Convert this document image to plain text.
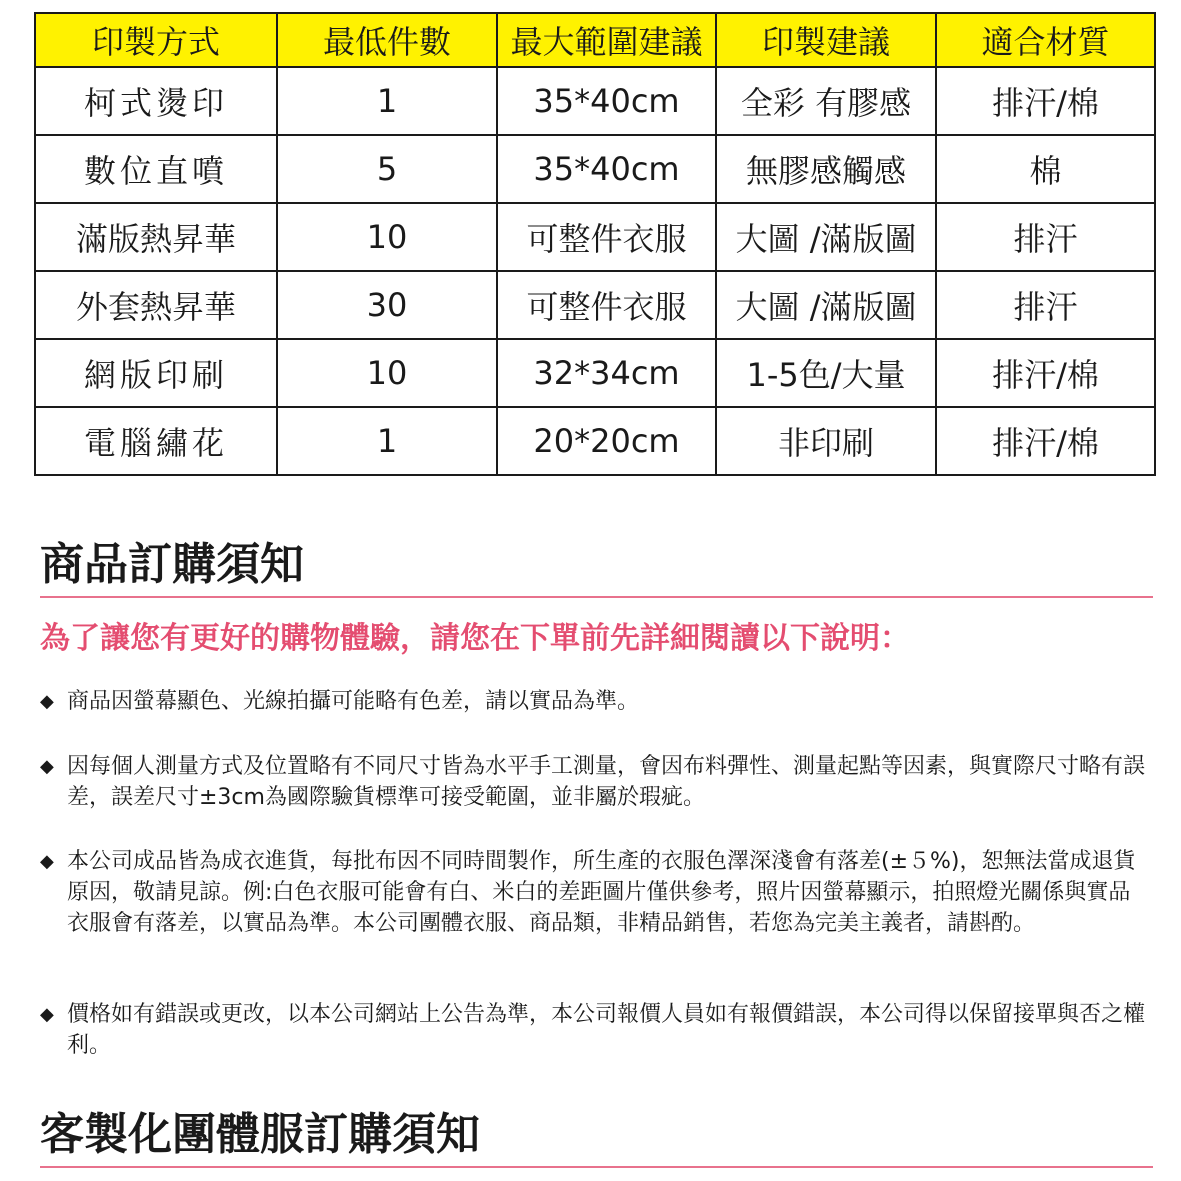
印製方式	最低件數	最大範圍建議	印製建議	適合材質
柯式燙印	1	35*40cm	全彩 有膠感	排汗/棉
數位直噴	5	35*40cm	無膠感觸感	棉
滿版熱昇華	10	可整件衣服	大圖 /滿版圖	排汗
外套熱昇華	30	可整件衣服	大圖 /滿版圖	排汗
網版印刷	10	32*34cm	1-5色/大量	排汗/棉
電腦繡花	1	20*20cm	非印刷	排汗/棉
商品訂購須知

為了讓您有更好的購物體驗，請您在下單前先詳細閱讀以下說明：

◆ 商品因螢幕顯色、光線拍攝可能略有色差，請以實品為準。
◆ 因每個人測量方式及位置略有不同尺寸皆為水平手工測量，會因布料彈性、測量起點等因素，與實際尺寸略有誤差，誤差尺寸±3cm為國際驗貨標準可接受範圍，並非屬於瑕疵。
◆ 本公司成品皆為成衣進貨，每批布因不同時間製作，所生產的衣服色澤深淺會有落差(±５%)，恕無法當成退貨原因，敬請見諒。例:白色衣服可能會有白、米白的差距圖片僅供參考，照片因螢幕顯示，拍照燈光關係與實品衣服會有落差，以實品為準。本公司團體衣服、商品類，非精品銷售，若您為完美主義者，請斟酌。
◆ 價格如有錯誤或更改，以本公司網站上公告為準，本公司報價人員如有報價錯誤，本公司得以保留接單與否之權利。
客製化團體服訂購須知
